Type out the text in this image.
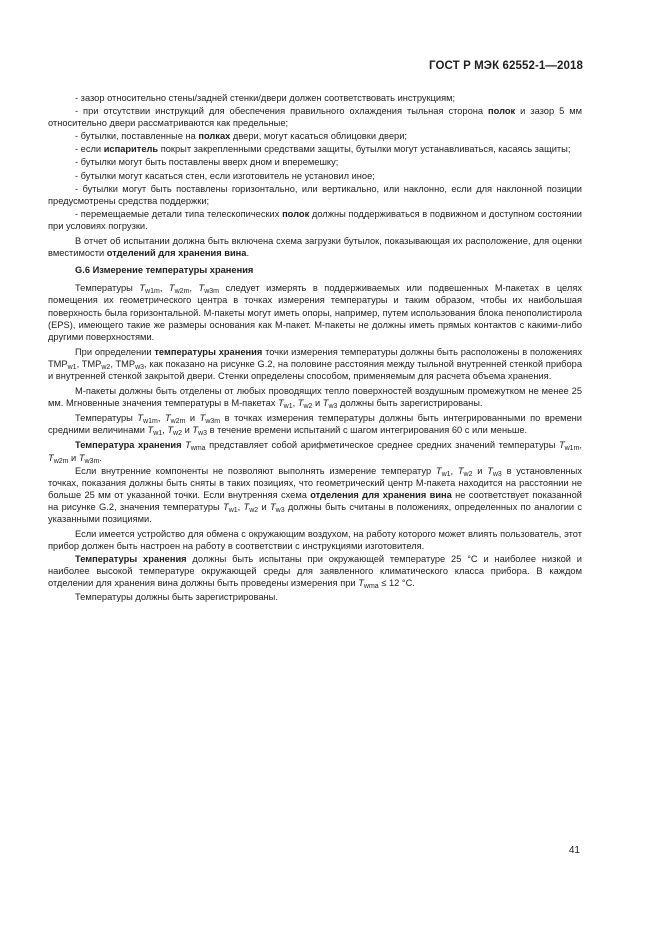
ГОСТ Р МЭК 62552-1—2018

- зазор относительно стены/задней стенки/двери должен соответствовать инструкциям;

- при отсутствии инструкций для обеспечения правильного охлаждения тыльная сторона полок и зазор 5 мм относительно двери рассматриваются как предельные;

- бутылки, поставленные на полках двери, могут касаться облицовки двери;

- если испаритель покрыт закрепленными средствами защиты, бутылки могут устанавливаться, касаясь защиты;

- бутылки могут быть поставлены вверх дном и вперемешку;

- бутылки могут касаться стен, если изготовитель не установил иное;

- бутылки могут быть поставлены горизонтально, или вертикально, или наклонно, если для наклонной позиции предусмотрены средства поддержки;

- перемещаемые детали типа телескопических полок должны поддерживаться в подвижном и доступном состоянии при условиях погрузки.

В отчет об испытании должна быть включена схема загрузки бутылок, показывающая их расположение, для оценки вместимости отделений для хранения вина.

G.6 Измерение температуры хранения

Температуры $T_{w1m}$, $T_{w2m}$, $T_{w3m}$ следует измерять в поддерживаемых или подвешенных М-пакетах в целях помещения их геометрического центра в точках измерения температуры и таким образом, чтобы их наибольшая поверхность была горизонтальной. М-пакеты могут иметь опоры, например, путем использования блока пенополистирола (EPS), имеющего такие же размеры основания как М-пакет. М-пакеты не должны иметь прямых контактов с какими-либо другими поверхностями.

При определении температуры хранения точки измерения температуры должны быть расположены в положениях $TMP_{w1}$, $TMP_{w2}$, $TMP_{w3}$, как показано на рисунке G.2, на половине расстояния между тыльной внутренней стенкой прибора и внутренней стенкой закрытой двери. Стенки определены способом, применяемым для расчета объема хранения.

М-пакеты должны быть отделены от любых проводящих тепло поверхностей воздушным промежутком не менее 25 мм. Мгновенные значения температуры в М-пакетах $T_{w1}$, $T_{w2}$ и $T_{w3}$ должны быть зарегистрированы.

Температуры $T_{w1m}$, $T_{w2m}$ и $T_{w3m}$ в точках измерения температуры должны быть интегрированными по времени средними величинами $T_{w1}$, $T_{w2}$ и $T_{w3}$ в течение времени испытаний с шагом интегрирования 60 с или меньше.

Температура хранения $T_{wma}$ представляет собой арифметическое среднее средних значений температуры $T_{w1m}$, $T_{w2m}$ и $T_{w3m}$.

Если внутренние компоненты не позволяют выполнять измерение температур $T_{w1}$, $T_{w2}$ и $T_{w3}$ в установленных точках, показания должны быть сняты в таких позициях, что геометрический центр М-пакета находится на расстоянии не больше 25 мм от указанной точки. Если внутренняя схема отделения для хранения вина не соответствует показанной на рисунке G.2, значения температуры $T_{w1}$, $T_{w2}$ и $T_{w3}$ должны быть считаны в положениях, определенных по аналогии с указанными позициями.

Если имеется устройство для обмена с окружающим воздухом, на работу которого может влиять пользователь, этот прибор должен быть настроен на работу в соответствии с инструкциями изготовителя.

Температуры хранения должны быть испытаны при окружающей температуре 25 °С и наиболее низкой и наиболее высокой температуре окружающей среды для заявленного климатического класса прибора. В каждом отделении для хранения вина должны быть проведены измерения при $T_{wma} \le 12$ °С.

Температуры должны быть зарегистрированы.

41
